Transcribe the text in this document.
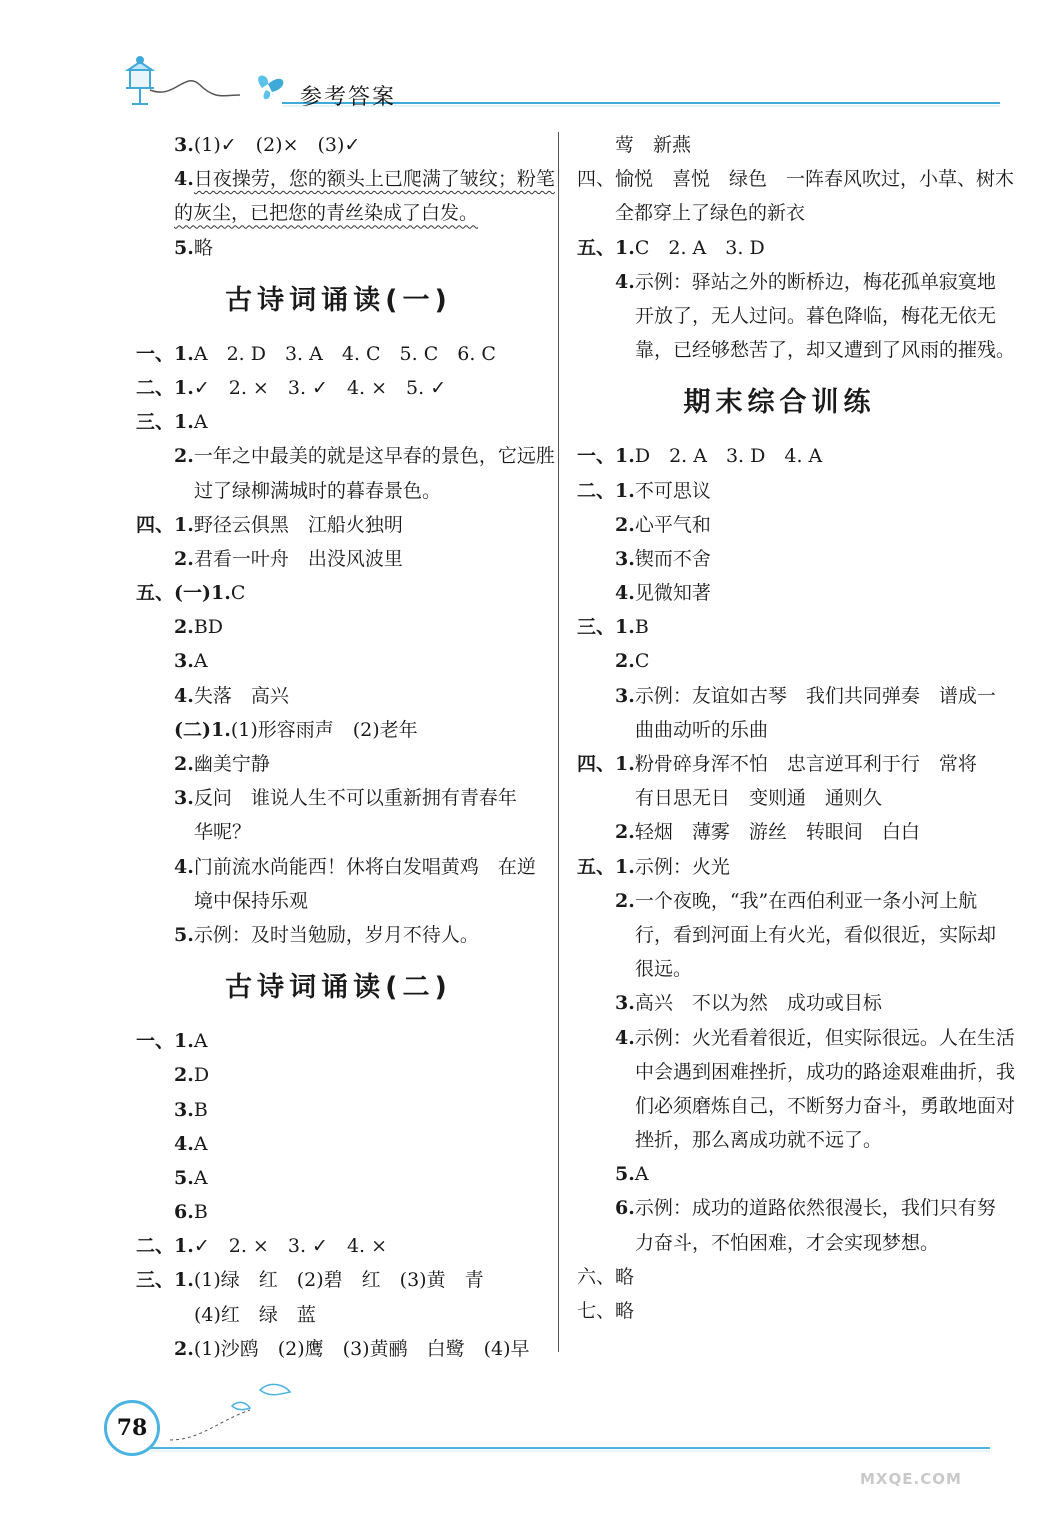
参考答案
3.(1)✓　(2)×　(3)✓
4.日夜操劳，您的额头上已爬满了皱纹；粉笔
的灰尘，已把您的青丝染成了白发。
5.略
古诗词诵读(一)
一、1.A　2. D　3. A　4. C　5. C　6. C
二、1.✓　2. ×　3. ✓　4. ×　5. ✓
三、1.A
2.一年之中最美的就是这早春的景色，它远胜
过了绿柳满城时的暮春景色。
四、1.野径云俱黑　江船火独明
2.君看一叶舟　出没风波里
五、(一)1.C
2.BD
3.A
4.失落　高兴
(二)1.(1)形容雨声　(2)老年
2.幽美宁静
3.反问　谁说人生不可以重新拥有青春年
华呢？
4.门前流水尚能西！休将白发唱黄鸡　在逆
境中保持乐观
5.示例：及时当勉励，岁月不待人。
古诗词诵读(二)
一、1.A
2.D
3.B
4.A
5.A
6.B
二、1.✓　2. ×　3. ✓　4. ×
三、1.(1)绿　红　(2)碧　红　(3)黄　青
(4)红　绿　蓝
2.(1)沙鸥　(2)鹰　(3)黄鹂　白鹭　(4)早
莺　新燕
四、愉悦　喜悦　绿色　一阵春风吹过，小草、树木
全都穿上了绿色的新衣
五、1.C　2. A　3. D
4.示例：驿站之外的断桥边，梅花孤单寂寞地
开放了，无人过问。暮色降临，梅花无依无
靠，已经够愁苦了，却又遭到了风雨的摧残。
期末综合训练
一、1.D　2. A　3. D　4. A
二、1.不可思议
2.心平气和
3.锲而不舍
4.见微知著
三、1.B
2.C
3.示例：友谊如古琴　我们共同弹奏　谱成一
曲曲动听的乐曲
四、1.粉骨碎身浑不怕　忠言逆耳利于行　常将
有日思无日　变则通　通则久
2.轻烟　薄雾　游丝　转眼间　白白
五、1.示例：火光
2.一个夜晚，“我”在西伯利亚一条小河上航
行，看到河面上有火光，看似很近，实际却
很远。
3.高兴　不以为然　成功或目标
4.示例：火光看着很近，但实际很远。人在生活
中会遇到困难挫折，成功的路途艰难曲折，我
们必须磨炼自己，不断努力奋斗，勇敢地面对
挫折，那么离成功就不远了。
5.A
6.示例：成功的道路依然很漫长，我们只有努
力奋斗，不怕困难，才会实现梦想。
六、略
七、略
78
MXQE.COM
